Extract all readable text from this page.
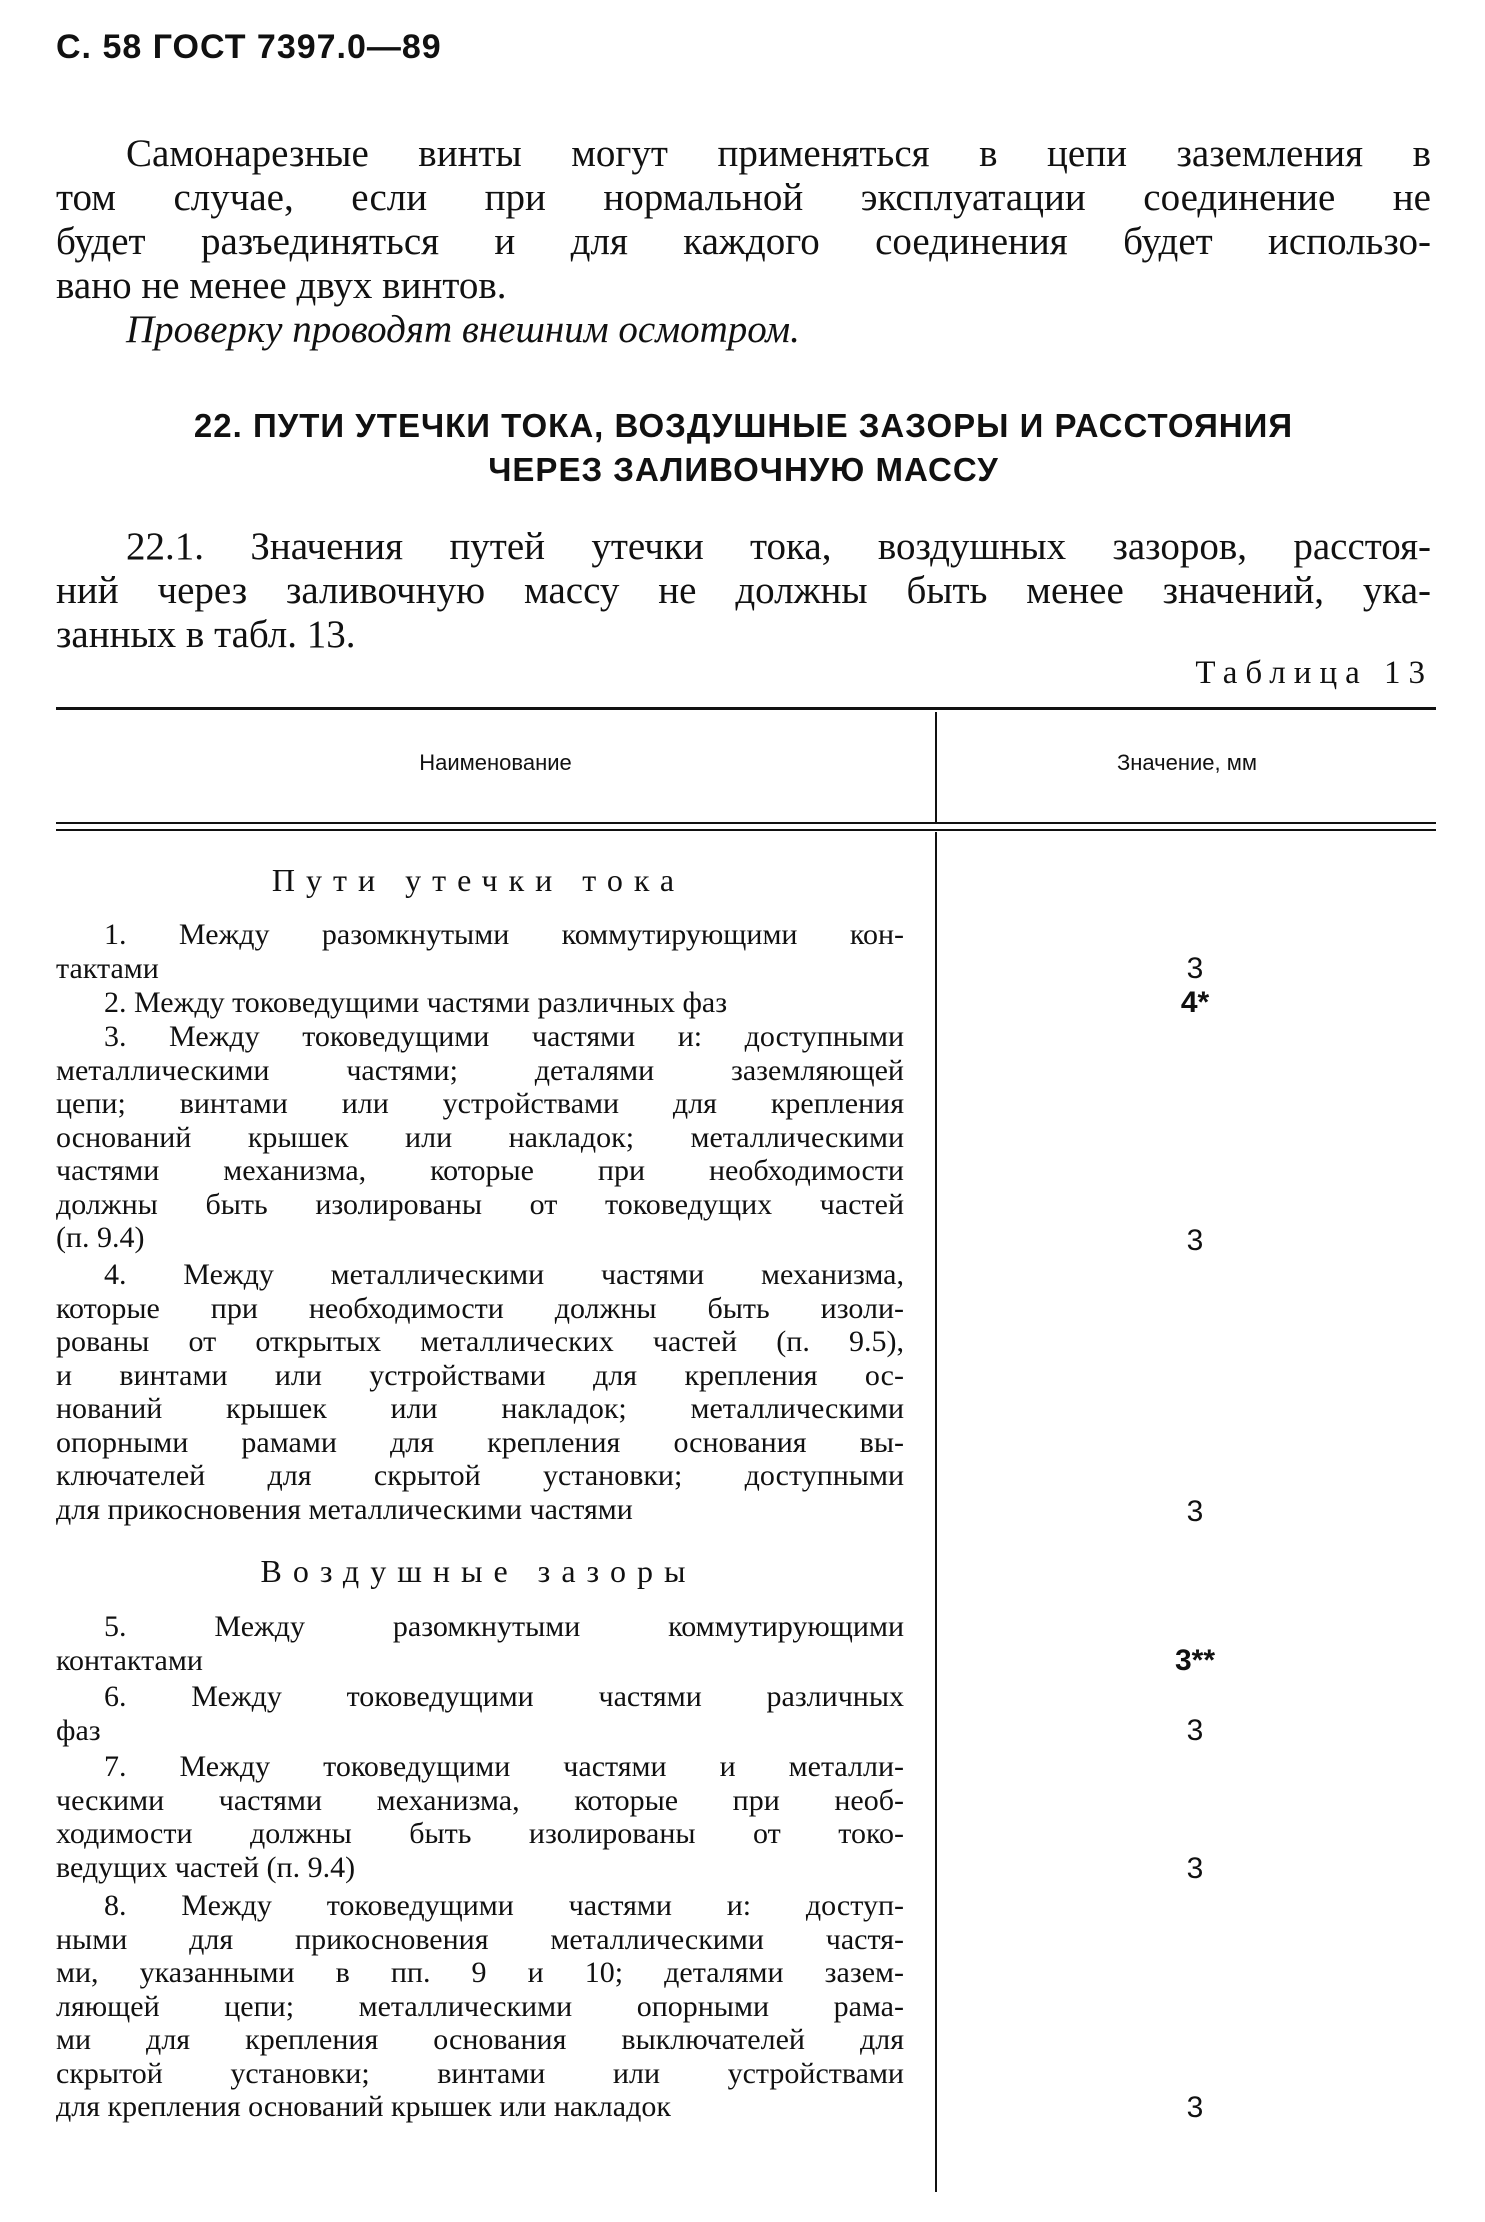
С. 58 ГОСТ 7397.0—89
Самонарезные винты могут применяться в цепи заземления в
том случае, если при нормальной эксплуатации соединение не
будет разъединяться и для каждого соединения будет использо-
вано не менее двух винтов.
Проверку проводят внешним осмотром.
22. ПУТИ УТЕЧКИ ТОКА, ВОЗДУШНЫЕ ЗАЗОРЫ И РАССТОЯНИЯ
ЧЕРЕЗ ЗАЛИВОЧНУЮ МАССУ
22.1. Значения путей утечки тока, воздушных зазоров, расстоя-
ний через заливочную массу не должны быть менее значений, ука-
занных в табл. 13.
Таблица 13
Наименование	Значение, мм
Пути утечки тока
1. Между разомкнутыми коммутирующими кон-
тактами	3
2. Между токоведущими частями различных фаз	4*
3. Между токоведущими частями и: доступными
металлическими частями; деталями заземляющей
цепи; винтами или устройствами для крепления
оснований крышек или накладок; металлическими
частями механизма, которые при необходимости
должны быть изолированы от токоведущих частей
(п. 9.4)	3
4. Между металлическими частями механизма,
которые при необходимости должны быть изоли-
рованы от открытых металлических частей (п. 9.5),
и винтами или устройствами для крепления ос-
нований крышек или накладок; металлическими
опорными рамами для крепления основания вы-
ключателей для скрытой установки; доступными
для прикосновения металлическими частями	3
Воздушные зазоры
5. Между разомкнутыми коммутирующими
контактами	3**
6. Между токоведущими частями различных
фаз	3
7. Между токоведущими частями и металли-
ческими частями механизма, которые при необ-
ходимости должны быть изолированы от токо-
ведущих частей (п. 9.4)	3
8. Между токоведущими частями и: доступ-
ными для прикосновения металлическими частя-
ми, указанными в пп. 9 и 10; деталями зазем-
ляющей цепи; металлическими опорными рама-
ми для крепления основания выключателей для
скрытой установки; винтами или устройствами
для крепления оснований крышек или накладок	3
